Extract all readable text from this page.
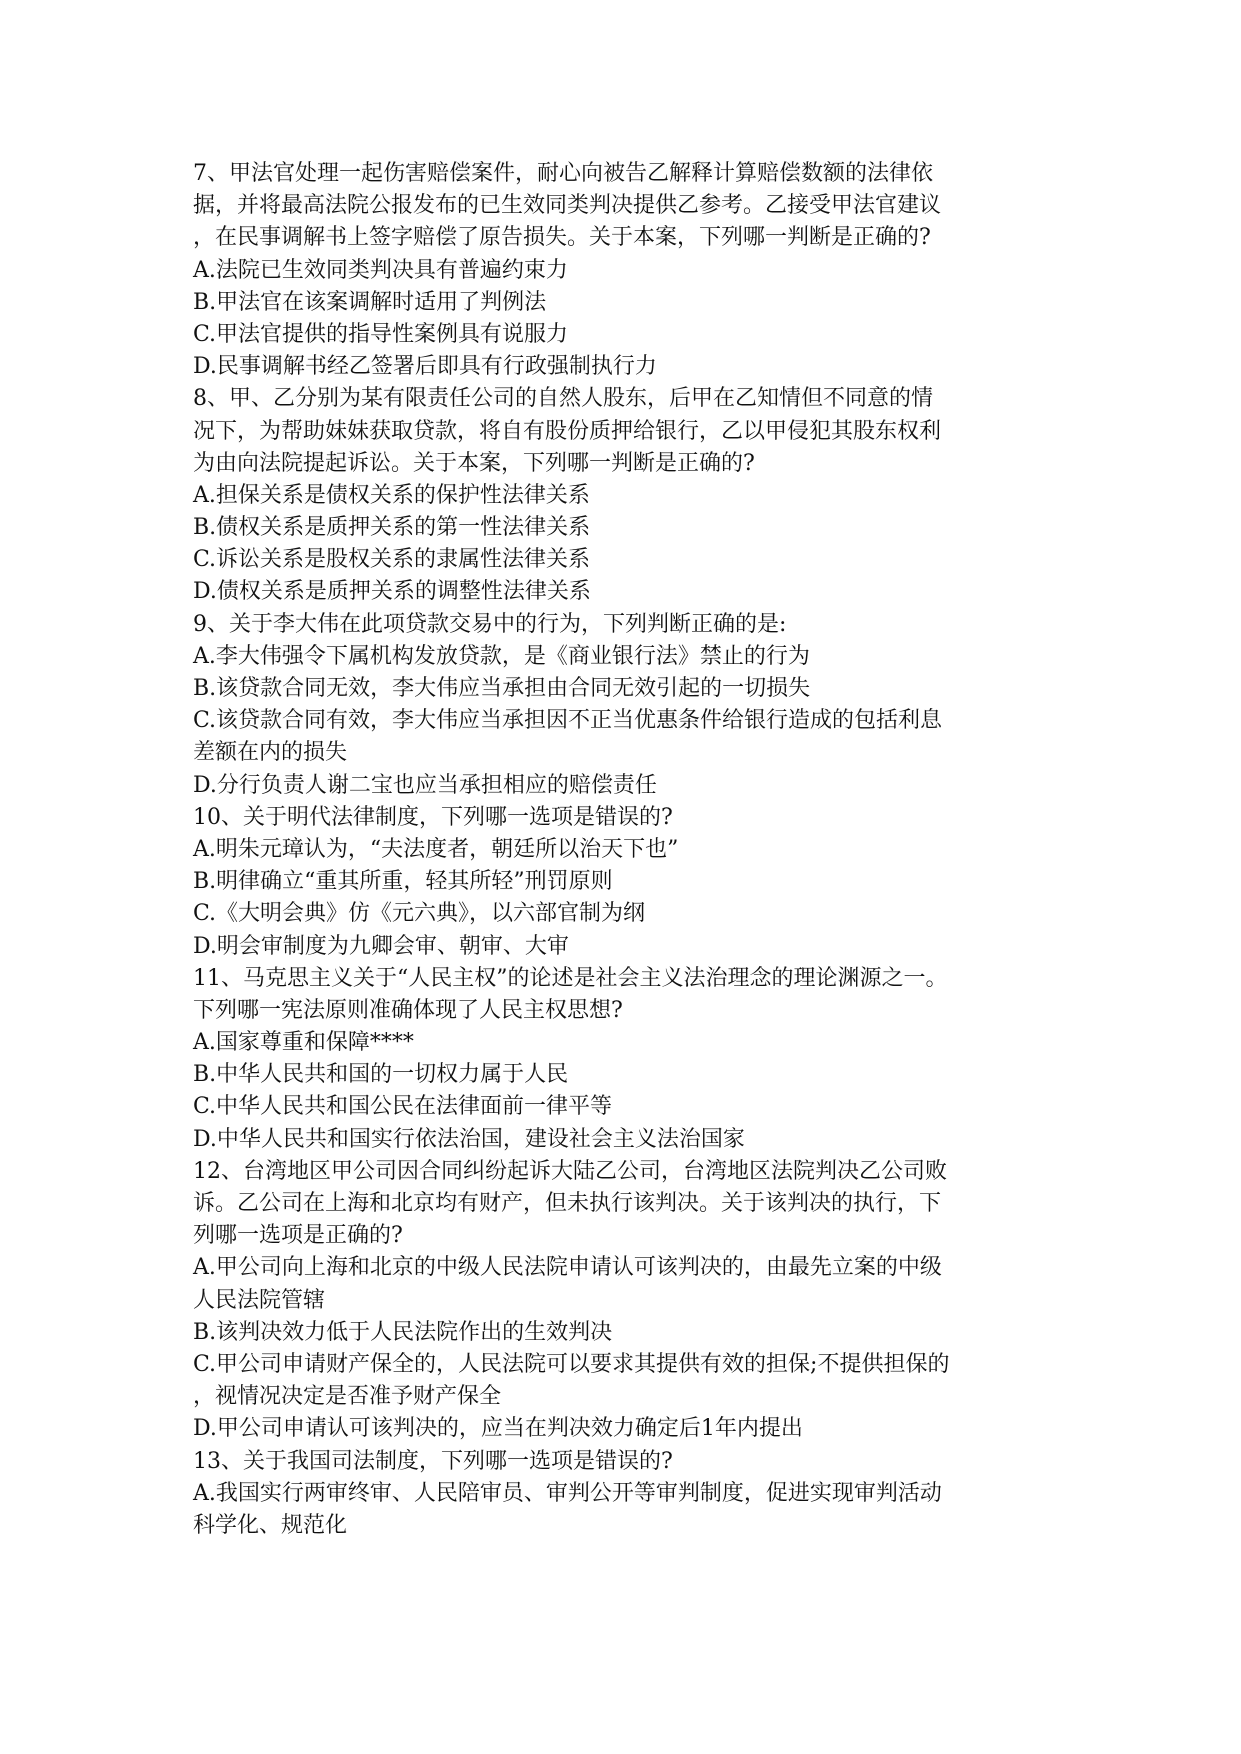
7、甲法官处理一起伤害赔偿案件，耐心向被告乙解释计算赔偿数额的法律依
据，并将最高法院公报发布的已生效同类判决提供乙参考。乙接受甲法官建议
，在民事调解书上签字赔偿了原告损失。关于本案，下列哪一判断是正确的?
A.法院已生效同类判决具有普遍约束力
B.甲法官在该案调解时适用了判例法
C.甲法官提供的指导性案例具有说服力
D.民事调解书经乙签署后即具有行政强制执行力
8、甲、乙分别为某有限责任公司的自然人股东，后甲在乙知情但不同意的情
况下，为帮助妹妹获取贷款，将自有股份质押给银行，乙以甲侵犯其股东权利
为由向法院提起诉讼。关于本案，下列哪一判断是正确的?
A.担保关系是债权关系的保护性法律关系
B.债权关系是质押关系的第一性法律关系
C.诉讼关系是股权关系的隶属性法律关系
D.债权关系是质押关系的调整性法律关系
9、关于李大伟在此项贷款交易中的行为，下列判断正确的是:
A.李大伟强令下属机构发放贷款，是《商业银行法》禁止的行为
B.该贷款合同无效，李大伟应当承担由合同无效引起的一切损失
C.该贷款合同有效，李大伟应当承担因不正当优惠条件给银行造成的包括利息
差额在内的损失
D.分行负责人谢二宝也应当承担相应的赔偿责任
10、关于明代法律制度，下列哪一选项是错误的?
A.明朱元璋认为，“夫法度者，朝廷所以治天下也”
B.明律确立“重其所重，轻其所轻”刑罚原则
C.《大明会典》仿《元六典》，以六部官制为纲
D.明会审制度为九卿会审、朝审、大审
11、马克思主义关于“人民主权”的论述是社会主义法治理念的理论渊源之一。
下列哪一宪法原则准确体现了人民主权思想?
A.国家尊重和保障****
B.中华人民共和国的一切权力属于人民
C.中华人民共和国公民在法律面前一律平等
D.中华人民共和国实行依法治国，建设社会主义法治国家
12、台湾地区甲公司因合同纠纷起诉大陆乙公司，台湾地区法院判决乙公司败
诉。乙公司在上海和北京均有财产，但未执行该判决。关于该判决的执行，下
列哪一选项是正确的?
A.甲公司向上海和北京的中级人民法院申请认可该判决的，由最先立案的中级
人民法院管辖
B.该判决效力低于人民法院作出的生效判决
C.甲公司申请财产保全的，人民法院可以要求其提供有效的担保;不提供担保的
，视情况决定是否准予财产保全
D.甲公司申请认可该判决的，应当在判决效力确定后1年内提出
13、关于我国司法制度，下列哪一选项是错误的?
A.我国实行两审终审、人民陪审员、审判公开等审判制度，促进实现审判活动
科学化、规范化
